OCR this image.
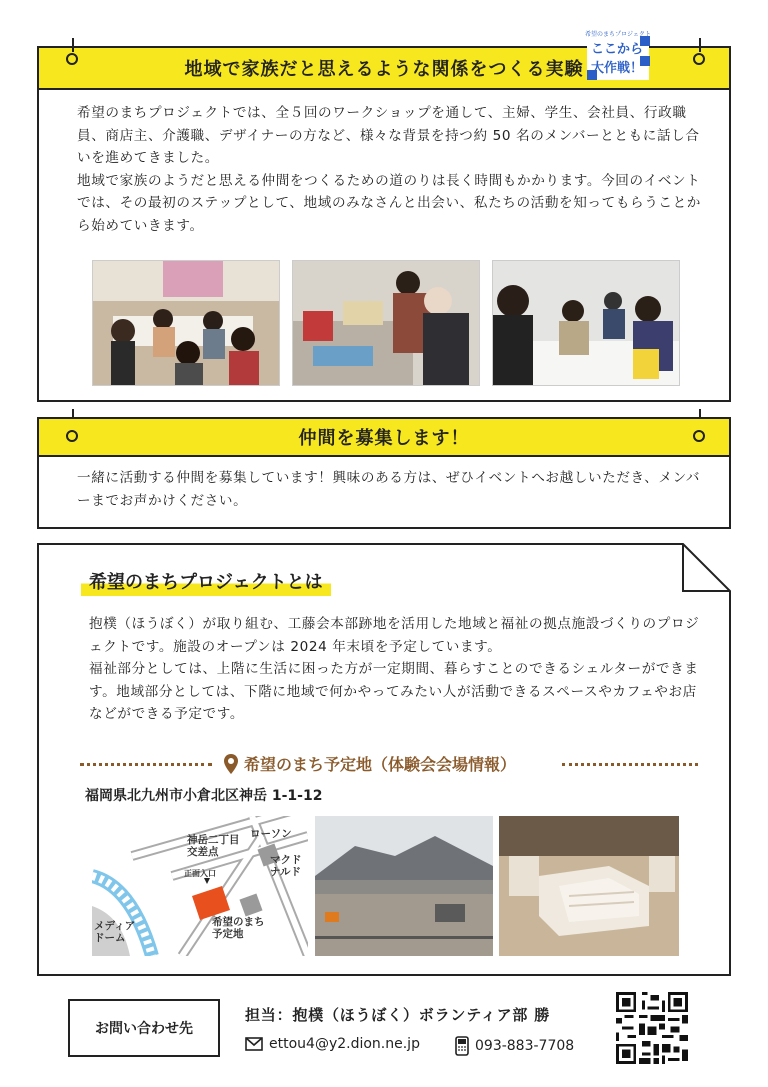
地域で家族だと思えるような関係をつくる実験

希望のまちプロジェクトでは、全５回のワークショップを通して、主婦、学生、会社員、行政職員、商店主、介護職、デザイナーの方など、様々な背景を持つ約 50 名のメンバーとともに話し合いを進めてきました。

地域で家族のようだと思える仲間をつくるための道のりは長く時間もかかります。今回のイベントでは、その最初のステップとして、地域のみなさんと出会い、私たちの活動を知ってもらうことから始めていきます。

希望のまちプロジェクト
ここから
大作戦！
仲間を募集します！

一緒に活動する仲間を募集しています！興味のある方は、ぜひイベントへお越しいただき、メンバーまでお声かけください。

希望のまちプロジェクトとは

抱樸（ほうぼく）が取り組む、工藤会本部跡地を活用した地域と福祉の拠点施設づくりのプロジェクトです。施設のオープンは 2024 年末頃を予定しています。

福祉部分としては、上階に生活に困った方が一定期間、暮らすことのできるシェルターができます。地域部分としては、下階に地域で何かやってみたい人が活動できるスペースやカフェやお店などができる予定です。

希望のまち予定地（体験会会場情報）
福岡県北九州市小倉北区神岳 1-1-12
神岳二丁目
交差点
ローソン
マクド
ナルド
正面入口
希望のまち
予定地
メディア
ドーム
お問い合わせ先
担当：抱樸（ほうぼく）ボランティア部 勝
ettou4@y2.dion.ne.jp	093-883-7708
